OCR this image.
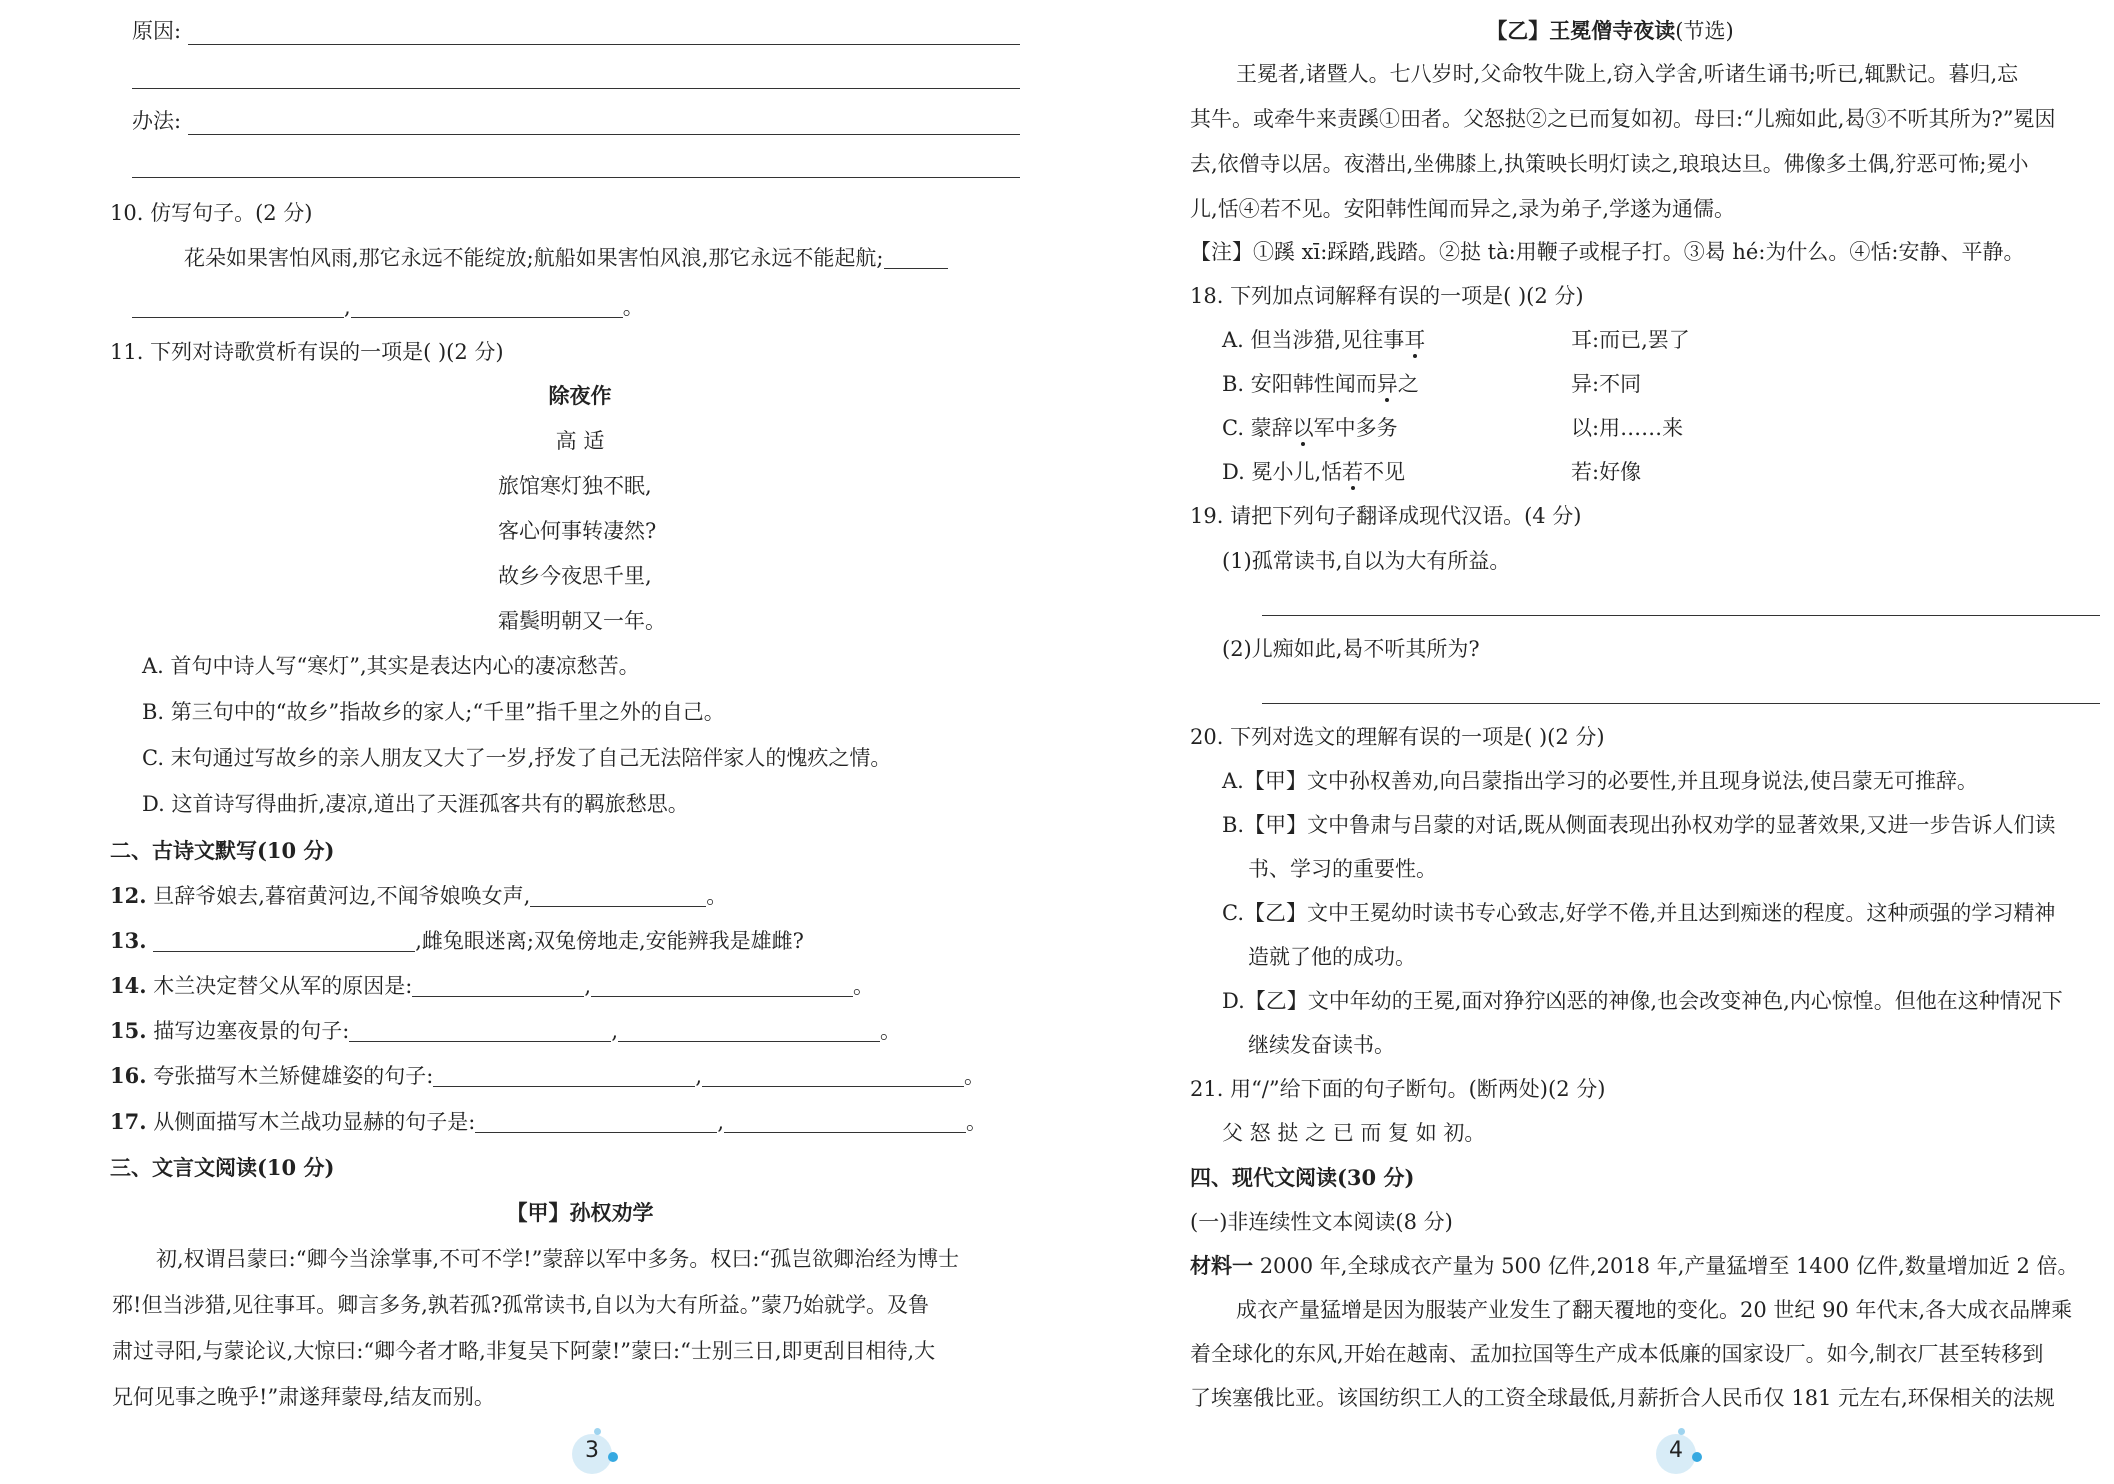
原因:
办法:
10. 仿写句子。(2 分)
花朵如果害怕风雨,那它永远不能绽放;航船如果害怕风浪,那它永远不能起航;
,	。
11. 下列对诗歌赏析有误的一项是( )(2 分)
除夜作
高 适
旅馆寒灯独不眠,
客心何事转凄然?
故乡今夜思千里,
霜鬓明朝又一年。
A. 首句中诗人写“寒灯”,其实是表达内心的凄凉愁苦。
B. 第三句中的“故乡”指故乡的家人;“千里”指千里之外的自己。
C. 末句通过写故乡的亲人朋友又大了一岁,抒发了自己无法陪伴家人的愧疚之情。
D. 这首诗写得曲折,凄凉,道出了天涯孤客共有的羁旅愁思。
二、古诗文默写(10 分)
12. 旦辞爷娘去,暮宿黄河边,不闻爷娘唤女声,	。
13.	,雌兔眼迷离;双兔傍地走,安能辨我是雄雌?
14. 木兰决定替父从军的原因是:	,	。
15. 描写边塞夜景的句子:	,	。
16. 夸张描写木兰矫健雄姿的句子:	,	。
17. 从侧面描写木兰战功显赫的句子是:	,	。
三、文言文阅读(10 分)
【甲】孙权劝学
初,权谓吕蒙曰:“卿今当涂掌事,不可不学!”蒙辞以军中多务。权曰:“孤岂欲卿治经为博士
邪!但当涉猎,见往事耳。卿言多务,孰若孤?孤常读书,自以为大有所益。”蒙乃始就学。及鲁
肃过寻阳,与蒙论议,大惊曰:“卿今者才略,非复吴下阿蒙!”蒙曰:“士别三日,即更刮目相待,大
兄何见事之晚乎!”肃遂拜蒙母,结友而别。
3
【乙】王冕僧寺夜读(节选)
王冕者,诸暨人。七八岁时,父命牧牛陇上,窃入学舍,听诸生诵书;听已,辄默记。暮归,忘
其牛。或牵牛来责蹊①田者。父怒挞②之已而复如初。母曰:“儿痴如此,曷③不听其所为?”冕因
去,依僧寺以居。夜潜出,坐佛膝上,执策映长明灯读之,琅琅达旦。佛像多土偶,狞恶可怖;冕小
儿,恬④若不见。安阳韩性闻而异之,录为弟子,学遂为通儒。
【注】①蹊 xī:踩踏,践踏。②挞 tà:用鞭子或棍子打。③曷 hé:为什么。④恬:安静、平静。
18. 下列加点词解释有误的一项是( )(2 分)
A. 但当涉猎,见往事耳	耳:而已,罢了
B. 安阳韩性闻而异之	异:不同
C. 蒙辞以军中多务	以:用……来
D. 冕小儿,恬若不见	若:好像
19. 请把下列句子翻译成现代汉语。(4 分)
(1)孤常读书,自以为大有所益。
(2)儿痴如此,曷不听其所为?
20. 下列对选文的理解有误的一项是( )(2 分)
A.【甲】文中孙权善劝,向吕蒙指出学习的必要性,并且现身说法,使吕蒙无可推辞。
B.【甲】文中鲁肃与吕蒙的对话,既从侧面表现出孙权劝学的显著效果,又进一步告诉人们读
书、学习的重要性。
C.【乙】文中王冕幼时读书专心致志,好学不倦,并且达到痴迷的程度。这种顽强的学习精神
造就了他的成功。
D.【乙】文中年幼的王冕,面对狰狞凶恶的神像,也会改变神色,内心惊惶。但他在这种情况下
继续发奋读书。
21. 用“/”给下面的句子断句。(断两处)(2 分)
父 怒 挞 之 已 而 复 如 初。
四、现代文阅读(30 分)
(一)非连续性文本阅读(8 分)
材料一 2000 年,全球成衣产量为 500 亿件,2018 年,产量猛增至 1400 亿件,数量增加近 2 倍。
成衣产量猛增是因为服装产业发生了翻天覆地的变化。20 世纪 90 年代末,各大成衣品牌乘
着全球化的东风,开始在越南、孟加拉国等生产成本低廉的国家设厂。如今,制衣厂甚至转移到
了埃塞俄比亚。该国纺织工人的工资全球最低,月薪折合人民币仅 181 元左右,环保相关的法规
4
